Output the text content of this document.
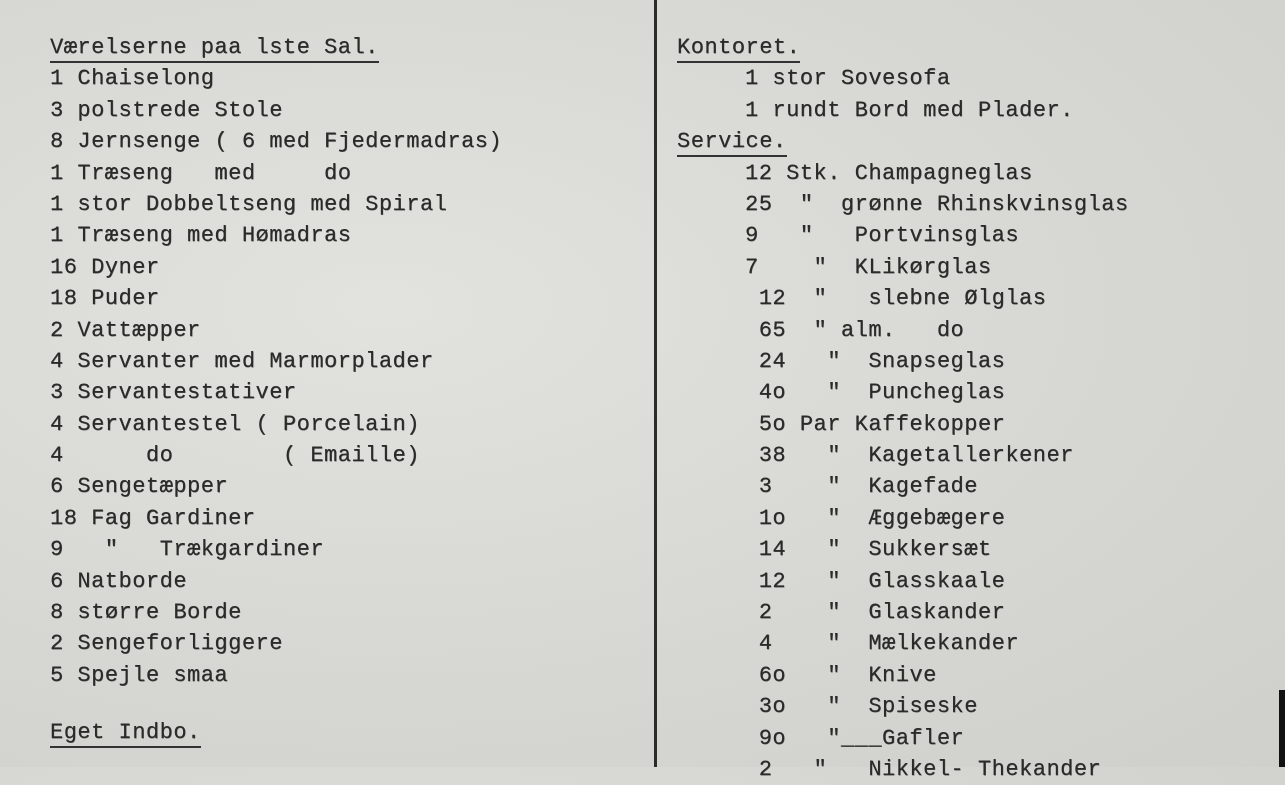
Værelserne paa lste Sal.
1 Chaiselong
3 polstrede Stole
8 Jernsenge ( 6 med Fjedermadras)
1 Træseng   med     do
1 stor Dobbeltseng med Spiral
1 Træseng med Hømadras
16 Dyner
18 Puder
2 Vattæpper
4 Servanter med Marmorplader
3 Servantestativer
4 Servantestel ( Porcelain)
4      do        ( Emaille)
6 Sengetæpper
18 Fag Gardiner
9   "   Trækgardiner
6 Natborde
8 større Borde
2 Sengeforliggere
5 Spejle smaa
Eget Indbo.
Kontoret.
1 stor Sovesofa
1 rundt Bord med Plader.
Service.
12 Stk. Champagneglas
25  "  grønne Rhinskvinsglas
9   "   Portvinsglas
7    "  KLikørglas
12  "   slebne Ølglas
65  " alm.   do
24   "  Snapseglas
4o   "  Puncheglas
5o Par Kaffekopper
38   "  Kagetallerkener
3    "  Kagefade
1o   "  Æggebægere
14   "  Sukkersæt
12   "  Glasskaale
2    "  Glaskander
4    "  Mælkekander
6o   "  Knive
3o   "  Spiseske
9o   "___Gafler
2   "   Nikkel- Thekander
